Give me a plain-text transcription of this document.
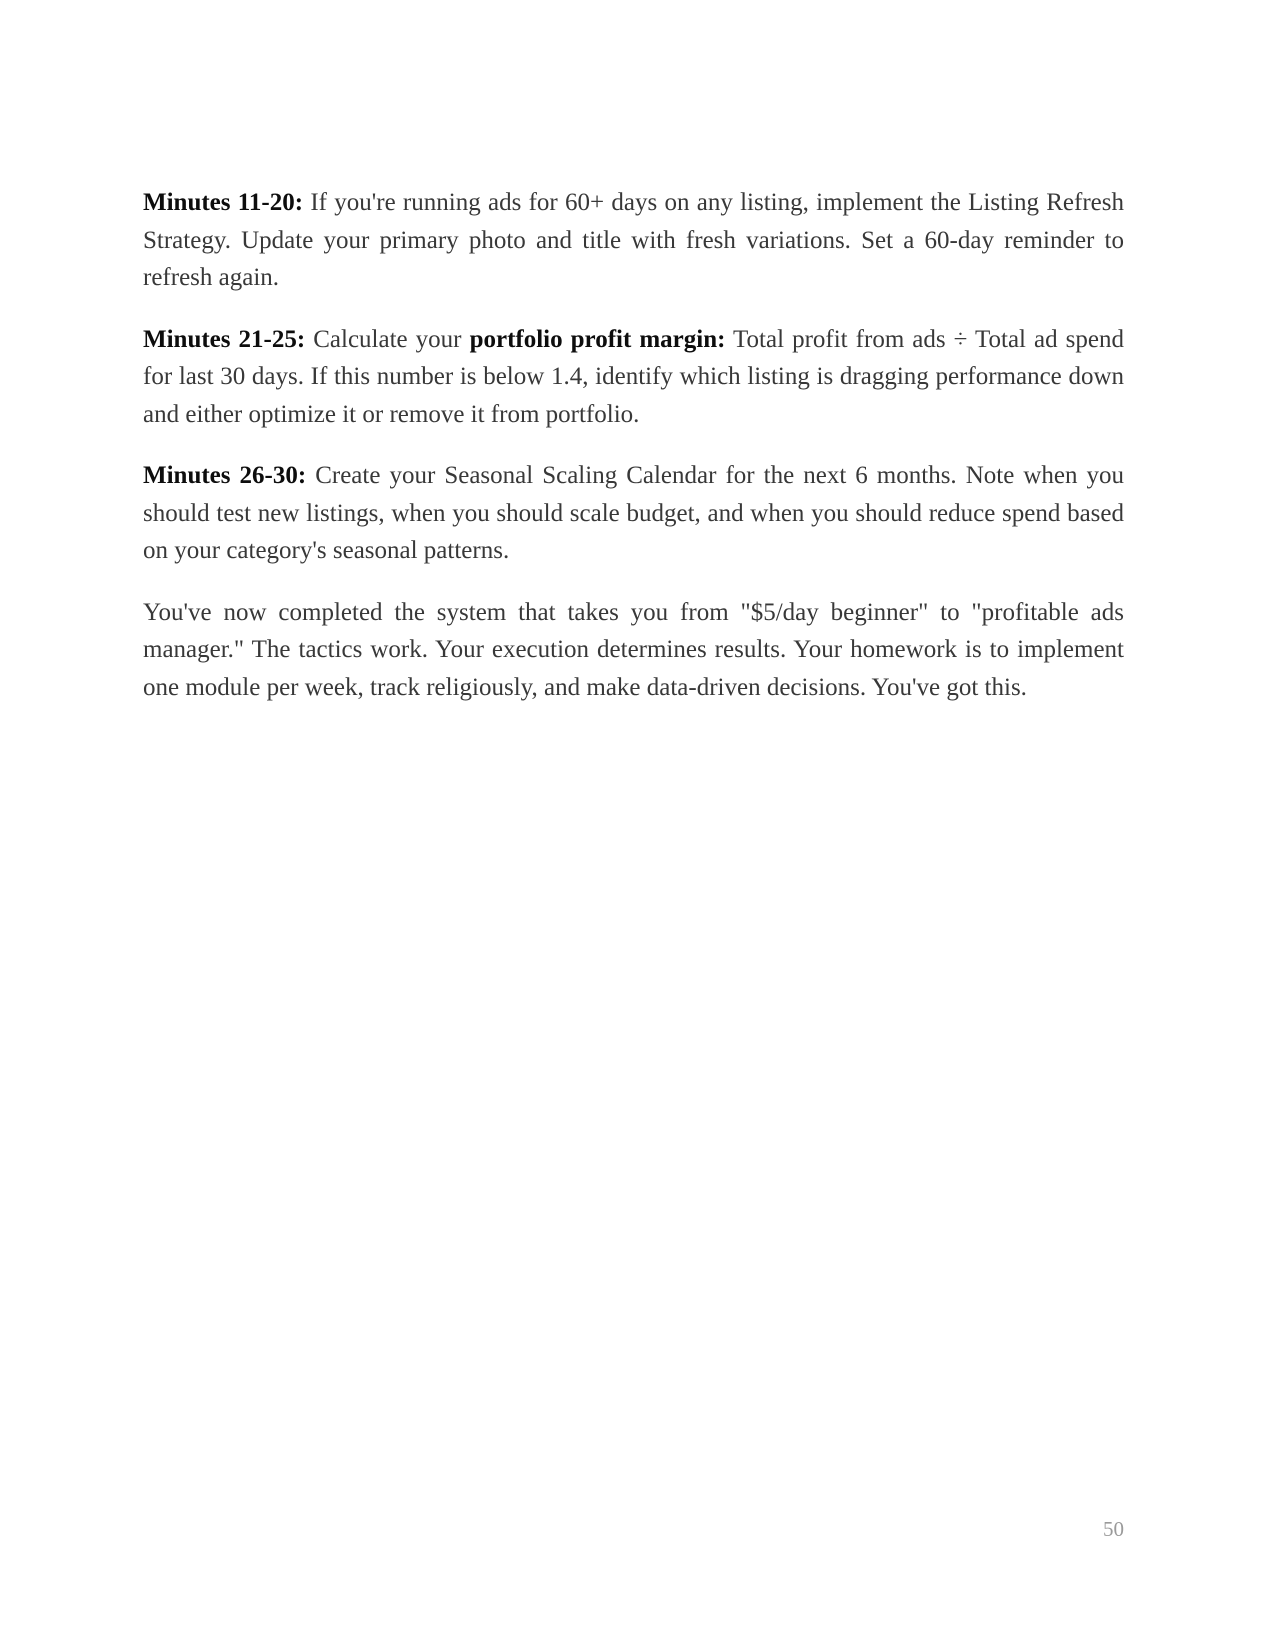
Minutes 11-20: If you're running ads for 60+ days on any listing, implement the Listing Refresh Strategy. Update your primary photo and title with fresh variations. Set a 60-day reminder to refresh again.

Minutes 21-25: Calculate your portfolio profit margin: Total profit from ads ÷ Total ad spend for last 30 days. If this number is below 1.4, identify which listing is dragging performance down and either optimize it or remove it from portfolio.

Minutes 26-30: Create your Seasonal Scaling Calendar for the next 6 months. Note when you should test new listings, when you should scale budget, and when you should reduce spend based on your category's seasonal patterns.

You've now completed the system that takes you from "$5/day beginner" to "profitable ads manager." The tactics work. Your execution determines results. Your homework is to implement one module per week, track religiously, and make data-driven decisions. You've got this.

50
